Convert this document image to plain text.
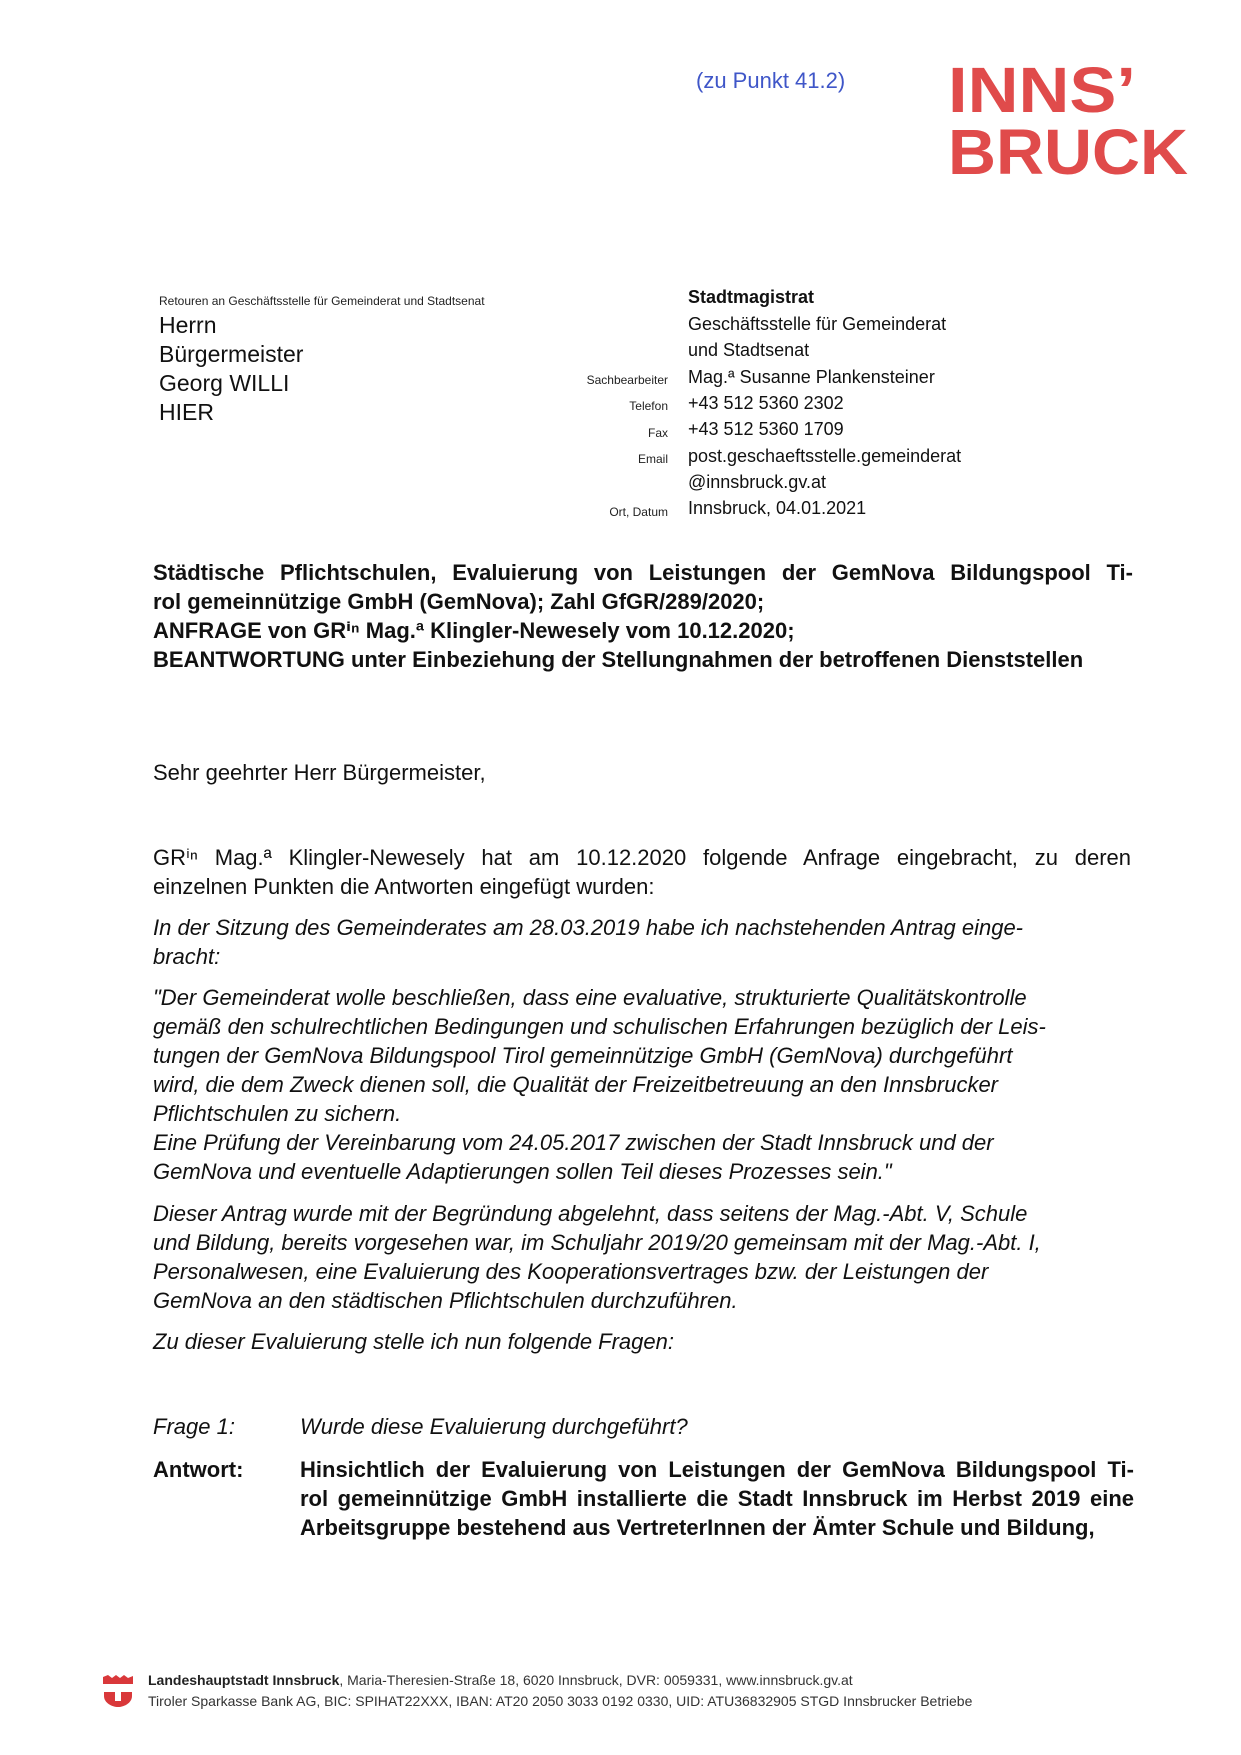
(zu Punkt 41.2) INNS’
BRUCK
Retouren an Geschäftsstelle für Gemeinderat und Stadtsenat
Herrn
Bürgermeister
Georg WILLI
HIER
Stadtmagistrat
Geschäftsstelle für Gemeinderat
und Stadtsenat
Sachbearbeiter Mag.ª Susanne Plankensteiner
Telefon +43 512 5360 2302
Fax +43 512 5360 1709
Email post.geschaeftsstelle.gemeinderat
@innsbruck.gv.at
Ort, Datum Innsbruck, 04.01.2021
Städtische Pflichtschulen, Evaluierung von Leistungen der GemNova Bildungspool Ti-
rol gemeinnützige GmbH (GemNova); Zahl GfGR/289/2020;
ANFRAGE von GRⁱⁿ Mag.ª Klingler-Newesely vom 10.12.2020;
BEANTWORTUNG unter Einbeziehung der Stellungnahmen der betroffenen Dienststellen
Sehr geehrter Herr Bürgermeister,
GRⁱⁿ Mag.ª Klingler-Newesely hat am 10.12.2020 folgende Anfrage eingebracht, zu deren
einzelnen Punkten die Antworten eingefügt wurden:
In der Sitzung des Gemeinderates am 28.03.2019 habe ich nachstehenden Antrag einge-
bracht:
"Der Gemeinderat wolle beschließen, dass eine evaluative, strukturierte Qualitätskontrolle
gemäß den schulrechtlichen Bedingungen und schulischen Erfahrungen bezüglich der Leis-
tungen der GemNova Bildungspool Tirol gemeinnützige GmbH (GemNova) durchgeführt
wird, die dem Zweck dienen soll, die Qualität der Freizeitbetreuung an den Innsbrucker
Pflichtschulen zu sichern.
Eine Prüfung der Vereinbarung vom 24.05.2017 zwischen der Stadt Innsbruck und der
GemNova und eventuelle Adaptierungen sollen Teil dieses Prozesses sein."
Dieser Antrag wurde mit der Begründung abgelehnt, dass seitens der Mag.-Abt. V, Schule
und Bildung, bereits vorgesehen war, im Schuljahr 2019/20 gemeinsam mit der Mag.-Abt. I,
Personalwesen, eine Evaluierung des Kooperationsvertrages bzw. der Leistungen der
GemNova an den städtischen Pflichtschulen durchzuführen.
Zu dieser Evaluierung stelle ich nun folgende Fragen:
Frage 1:	Wurde diese Evaluierung durchgeführt?
Antwort:	Hinsichtlich der Evaluierung von Leistungen der GemNova Bildungspool Ti-
rol gemeinnützige GmbH installierte die Stadt Innsbruck im Herbst 2019 eine
Arbeitsgruppe bestehend aus VertreterInnen der Ämter Schule und Bildung,
Landeshauptstadt Innsbruck, Maria-Theresien-Straße 18, 6020 Innsbruck, DVR: 0059331, www.innsbruck.gv.at
Tiroler Sparkasse Bank AG, BIC: SPIHAT22XXX, IBAN: AT20 2050 3033 0192 0330, UID: ATU36832905 STGD Innsbrucker Betriebe
